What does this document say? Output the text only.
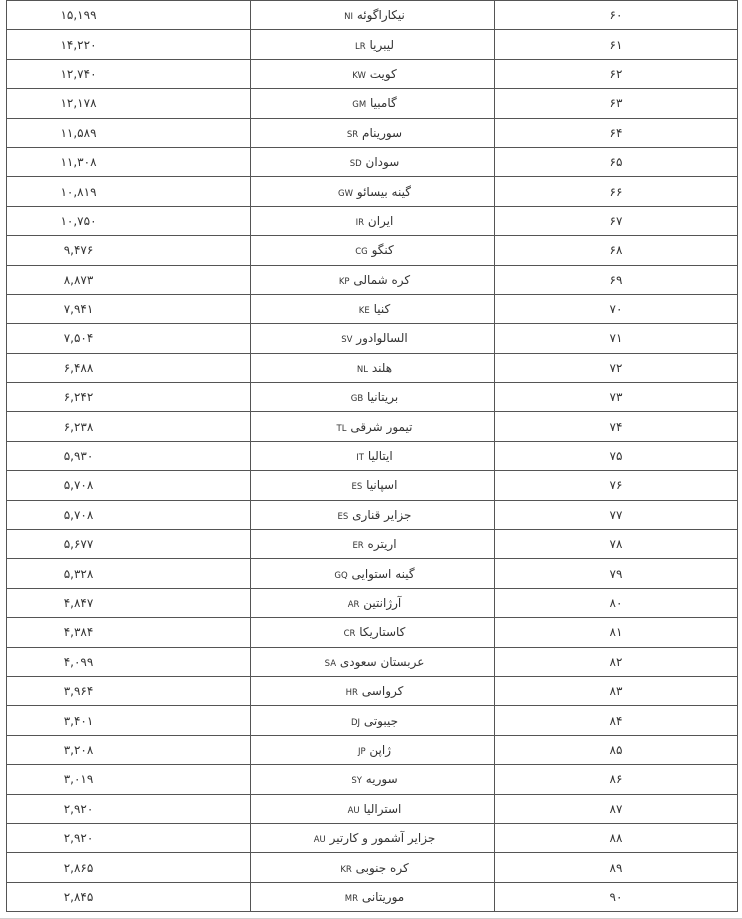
۱۵,۱۹۹	نیکاراگوئه NI	۶۰
۱۴,۲۲۰	لیبریا LR	۶۱
۱۲,۷۴۰	کویت KW	۶۲
۱۲,۱۷۸	گامبیا GM	۶۳
۱۱,۵۸۹	سورینام SR	۶۴
۱۱,۳۰۸	سودان SD	۶۵
۱۰,۸۱۹	گینه بیسائو GW	۶۶
۱۰,۷۵۰	ایران IR	۶۷
۹,۴۷۶	کنگو CG	۶۸
۸,۸۷۳	کره شمالی KP	۶۹
۷,۹۴۱	کنیا KE	۷۰
۷,۵۰۴	السالوادور SV	۷۱
۶,۴۸۸	هلند NL	۷۲
۶,۲۴۲	بریتانیا GB	۷۳
۶,۲۳۸	تیمور شرقی TL	۷۴
۵,۹۳۰	ایتالیا IT	۷۵
۵,۷۰۸	اسپانیا ES	۷۶
۵,۷۰۸	جزایر قناری ES	۷۷
۵,۶۷۷	اریتره ER	۷۸
۵,۳۲۸	گینه استوایی GQ	۷۹
۴,۸۴۷	آرژانتین AR	۸۰
۴,۳۸۴	کاستاریکا CR	۸۱
۴,۰۹۹	عربستان سعودی SA	۸۲
۳,۹۶۴	کرواسی HR	۸۳
۳,۴۰۱	جیبوتی DJ	۸۴
۳,۲۰۸	ژاپن JP	۸۵
۳,۰۱۹	سوریه SY	۸۶
۲,۹۲۰	استرالیا AU	۸۷
۲,۹۲۰	جزایر آشمور و کارتیر AU	۸۸
۲,۸۶۵	کره جنوبی KR	۸۹
۲,۸۴۵	موریتانی MR	۹۰
